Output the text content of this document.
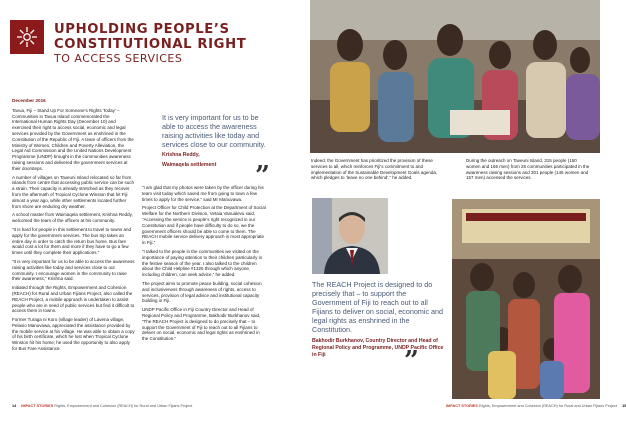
UPHOLDING PEOPLE’S
CONSTITUTIONAL RIGHT
TO ACCESS SERVICES
December 2016

Tavua, Fiji – Stand Up For Someone’s Rights Today’ – Communities in Tavua Island commemorated the International Human Rights Day (December 10) and exercised their right to access social, economic and legal services provided by the Government as enshrined in the Constitution of the Republic of Fiji. A team of officers from the Ministry of Women, Children and Poverty Alleviation, the Legal Aid Commission and the United Nations Development Programme (UNDP) brought in the communities awareness raising sessions and delivered the government services at their doorsteps.

A number of villages on Taveuni Island relocated so far from islands from centre that accessing public service can be such a strain. Their capacity is already stretched as they recover from the aftermath of Tropical Cyclone Winston that hit Fiji almost a year ago, while other settlements located further from shore are enduring dry weather.

A school master from Waimaqela settlement, Krishna Reddy, welcomed the team of the officers at his community.

“It is hard for people in this settlement to travel to towns and apply for the government services. The bus trip takes an entire day in order to catch the return bus home. Bus fare would cost a lot for them and more if they have to go a few times until they complete their applications.”

“It is very important for us to be able to access the awareness raising activities like today and services close to our community. I encourage women in the community to raise their awareness,” Krishna said.

Initiated through the Rights, Empowerment and Cohesion (REACH) for Rural and Urban Fijians Project, also called the REACH Project, a mobile approach is undertaken to assist people who are in need of public services but find it difficult to access them in towns.

Former Turaga ni Koro (village leader) of Lavena village, Pelasio Manuvawa, appreciated the assistance provided by the mobile service at his village. He was able to obtain a copy of his birth certificate, which he lost when Tropical Cyclone Winston hit his home; he used the opportunity to also apply for Bus Fare Assistance.

It is very important for us to be able to access the awareness raising activities like today and services close to our community.
Krishna Reddy,
Waimaqela settlement	”

“I am glad that my photos were taken by the officer during his team visit today which saved me from going to town a few times to apply for the service,” said Mr Manuvawa.

Project Officer for Child Protection at the Department of Social Welfare for the Northern Division, Vetaia Vanualevu said, “Accessing the service is people’s right recognized in our Constitution and if people have difficulty to do so, we the government officers should be able to come to them. The REACH mobile service delivery approach is most appropriate in Fiji.”

“I talked to the people in the communities we visited on the importance of paying attention to their children particularly in the festive season of the year. I also talked to the children about the Child Helpline #1325 through which anyone, including children, can seek advice,” he added.

The project aims to promote peace building, social cohesion and inclusiveness through awareness of rights, access to services, provision of legal advice and institutional capacity building in Fiji.

UNDP Pacific Office in Fiji Country Director and Head of Regional Policy and Programme, Bakhodir Burkhanov said, “The REACH Project is designed to do precisely that – to support the Government of Fiji to reach out to all Fijians to deliver on social, economic and legal rights as enshrined in the Constitution.”

Indeed, the Government has prioritized the provision of these services to all, which reinforces Fiji’s commitment to and implementation of the Sustainable Development Goals agenda, which pledges to ‘leave no one behind’,” he added.

During the outreach on Taveuni Island, 315 people (150 women and 165 men) from 25 communities participated in the awareness raising sessions and 301 people (146 women and 157 men) accessed the services.

The REACH Project is designed to do precisely that – to support the Government of Fiji to reach out to all Fijians to deliver on social, economic and legal rights as enshrined in the Constitution.
Bakhodir Burkhanov, Country Director and Head of Regional Policy and Programme, UNDP Pacific Office in Fiji	”
14 IMPACT STORIES Rights, Empowerment and Cohesion (REACH) for Rural and Urban Fijians Project	IMPACT STORIES Rights, Empowerment and Cohesion (REACH) for Rural and Urban Fijians Project 15
